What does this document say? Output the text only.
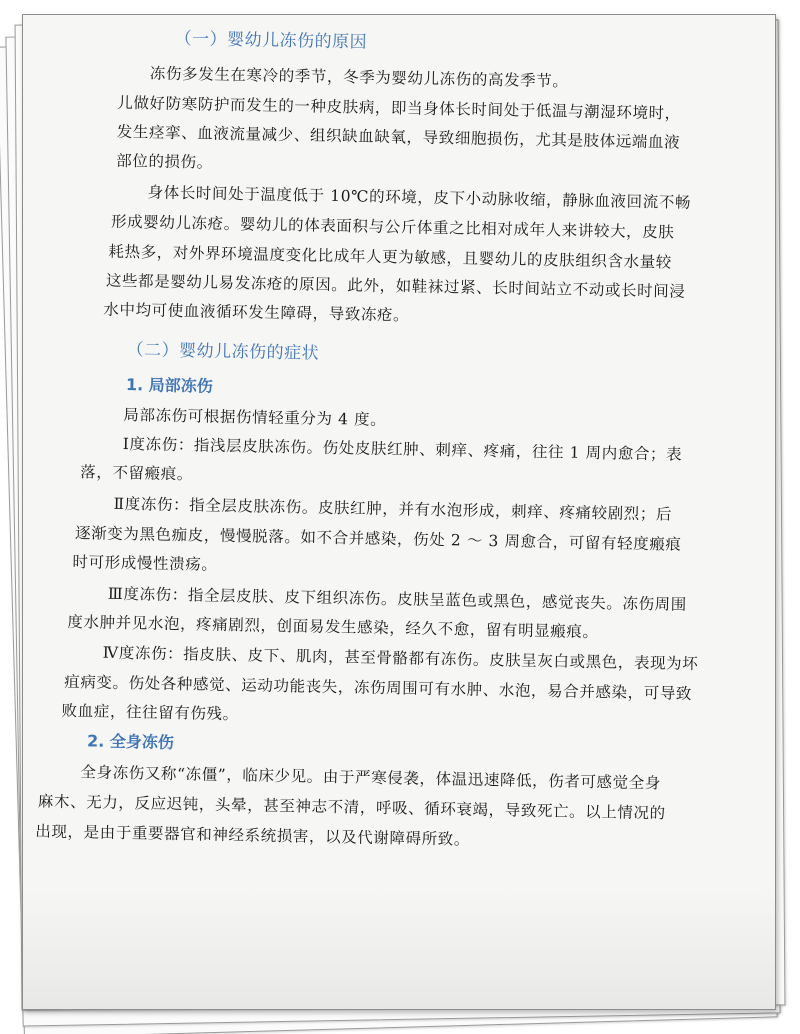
（一）婴幼儿冻伤的原因
冻伤多发生在寒冷的季节，冬季为婴幼儿冻伤的高发季节。
儿做好防寒防护而发生的一种皮肤病，即当身体长时间处于低温与潮湿环境时，
发生痉挛、血液流量减少、组织缺血缺氧，导致细胞损伤，尤其是肢体远端血液
部位的损伤。
身体长时间处于温度低于 10℃的环境，皮下小动脉收缩，静脉血液回流不畅
形成婴幼儿冻疮。婴幼儿的体表面积与公斤体重之比相对成年人来讲较大，皮肤
耗热多，对外界环境温度变化比成年人更为敏感，且婴幼儿的皮肤组织含水量较
这些都是婴幼儿易发冻疮的原因。此外，如鞋袜过紧、长时间站立不动或长时间浸
水中均可使血液循环发生障碍，导致冻疮。
（二）婴幼儿冻伤的症状
1. 局部冻伤
局部冻伤可根据伤情轻重分为 4 度。
Ⅰ度冻伤：指浅层皮肤冻伤。伤处皮肤红肿、刺痒、疼痛，往往 1 周内愈合；表
落，不留瘢痕。
Ⅱ度冻伤：指全层皮肤冻伤。皮肤红肿，并有水泡形成，刺痒、疼痛较剧烈；后
逐渐变为黑色痂皮，慢慢脱落。如不合并感染，伤处 2 ～ 3 周愈合，可留有轻度瘢痕
时可形成慢性溃疡。
Ⅲ度冻伤：指全层皮肤、皮下组织冻伤。皮肤呈蓝色或黑色，感觉丧失。冻伤周围
度水肿并见水泡，疼痛剧烈，创面易发生感染，经久不愈，留有明显瘢痕。
Ⅳ度冻伤：指皮肤、皮下、肌肉，甚至骨骼都有冻伤。皮肤呈灰白或黑色，表现为坏
疽病变。伤处各种感觉、运动功能丧失，冻伤周围可有水肿、水泡，易合并感染，可导致
败血症，往往留有伤残。
2. 全身冻伤
全身冻伤又称“冻僵”，临床少见。由于严寒侵袭，体温迅速降低，伤者可感觉全身
麻木、无力，反应迟钝，头晕，甚至神志不清，呼吸、循环衰竭，导致死亡。以上情况的
出现，是由于重要器官和神经系统损害，以及代谢障碍所致。
